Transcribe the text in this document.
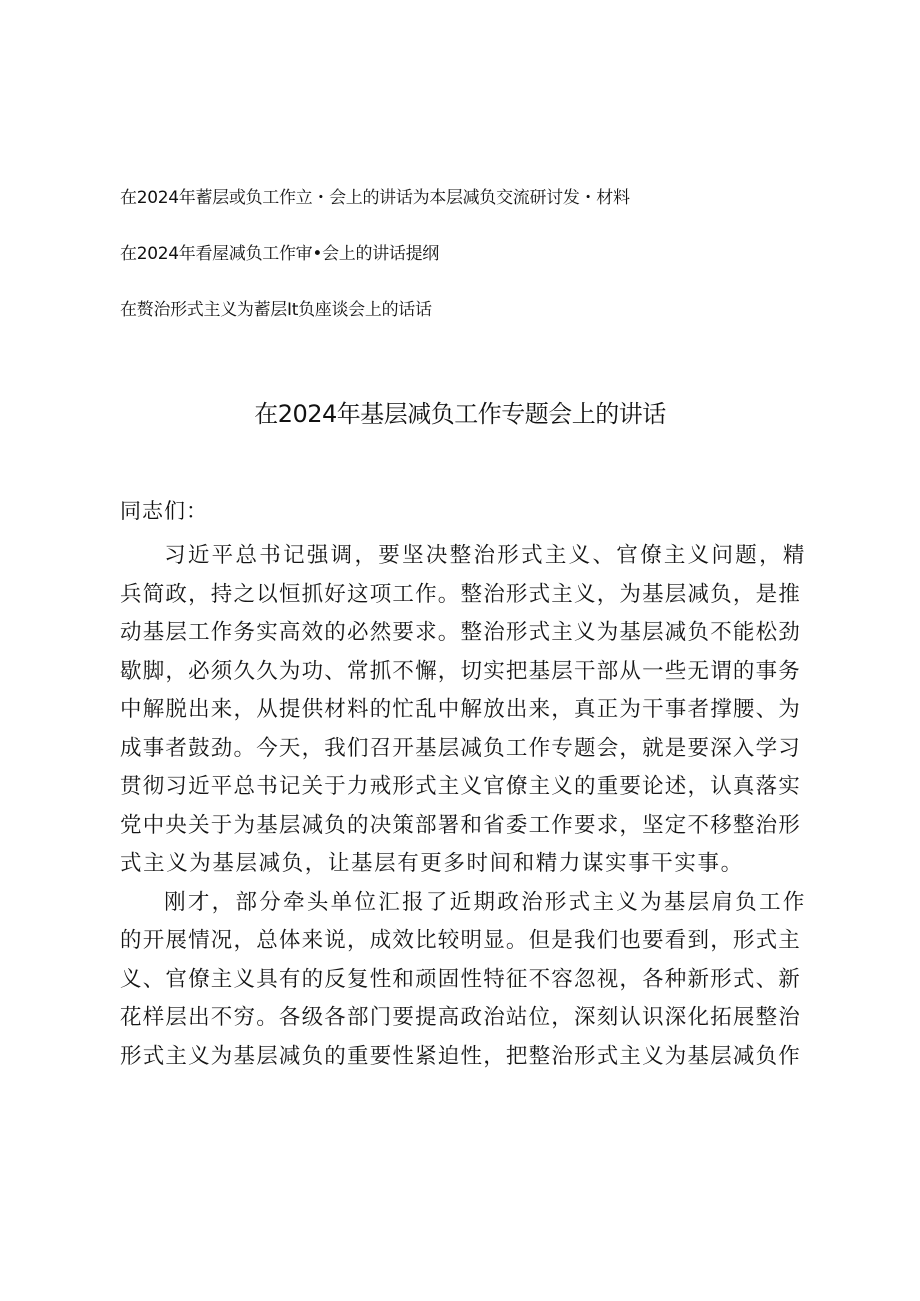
在2024年蓄层或负工作立・会上的讲话为本层减负交流研讨发・材料
在2024年看屋减负工作审•会上的讲话提纲
在赘治形式主义为蓄层It负座谈会上的话话
在2024年基层减负工作专题会上的讲话
同志们：

习近平总书记强调，要坚决整治形式主义、官僚主义问题，精
兵简政，持之以恒抓好这项工作。整治形式主义，为基层减负，是推
动基层工作务实高效的必然要求。整治形式主义为基层减负不能松劲
歇脚，必须久久为功、常抓不懈，切实把基层干部从一些无谓的事务
中解脱出来，从提供材料的忙乱中解放出来，真正为干事者撑腰、为
成事者鼓劲。今天，我们召开基层减负工作专题会，就是要深入学习
贯彻习近平总书记关于力戒形式主义官僚主义的重要论述，认真落实
党中央关于为基层减负的决策部署和省委工作要求，坚定不移整治形
式主义为基层减负，让基层有更多时间和精力谋实事干实事。

刚才，部分牵头单位汇报了近期政治形式主义为基层肩负工作
的开展情况，总体来说，成效比较明显。但是我们也要看到，形式主
义、官僚主义具有的反复性和顽固性特征不容忽视，各种新形式、新
花样层出不穷。各级各部门要提高政治站位，深刻认识深化拓展整治
形式主义为基层减负的重要性紧迫性，把整治形式主义为基层减负作
